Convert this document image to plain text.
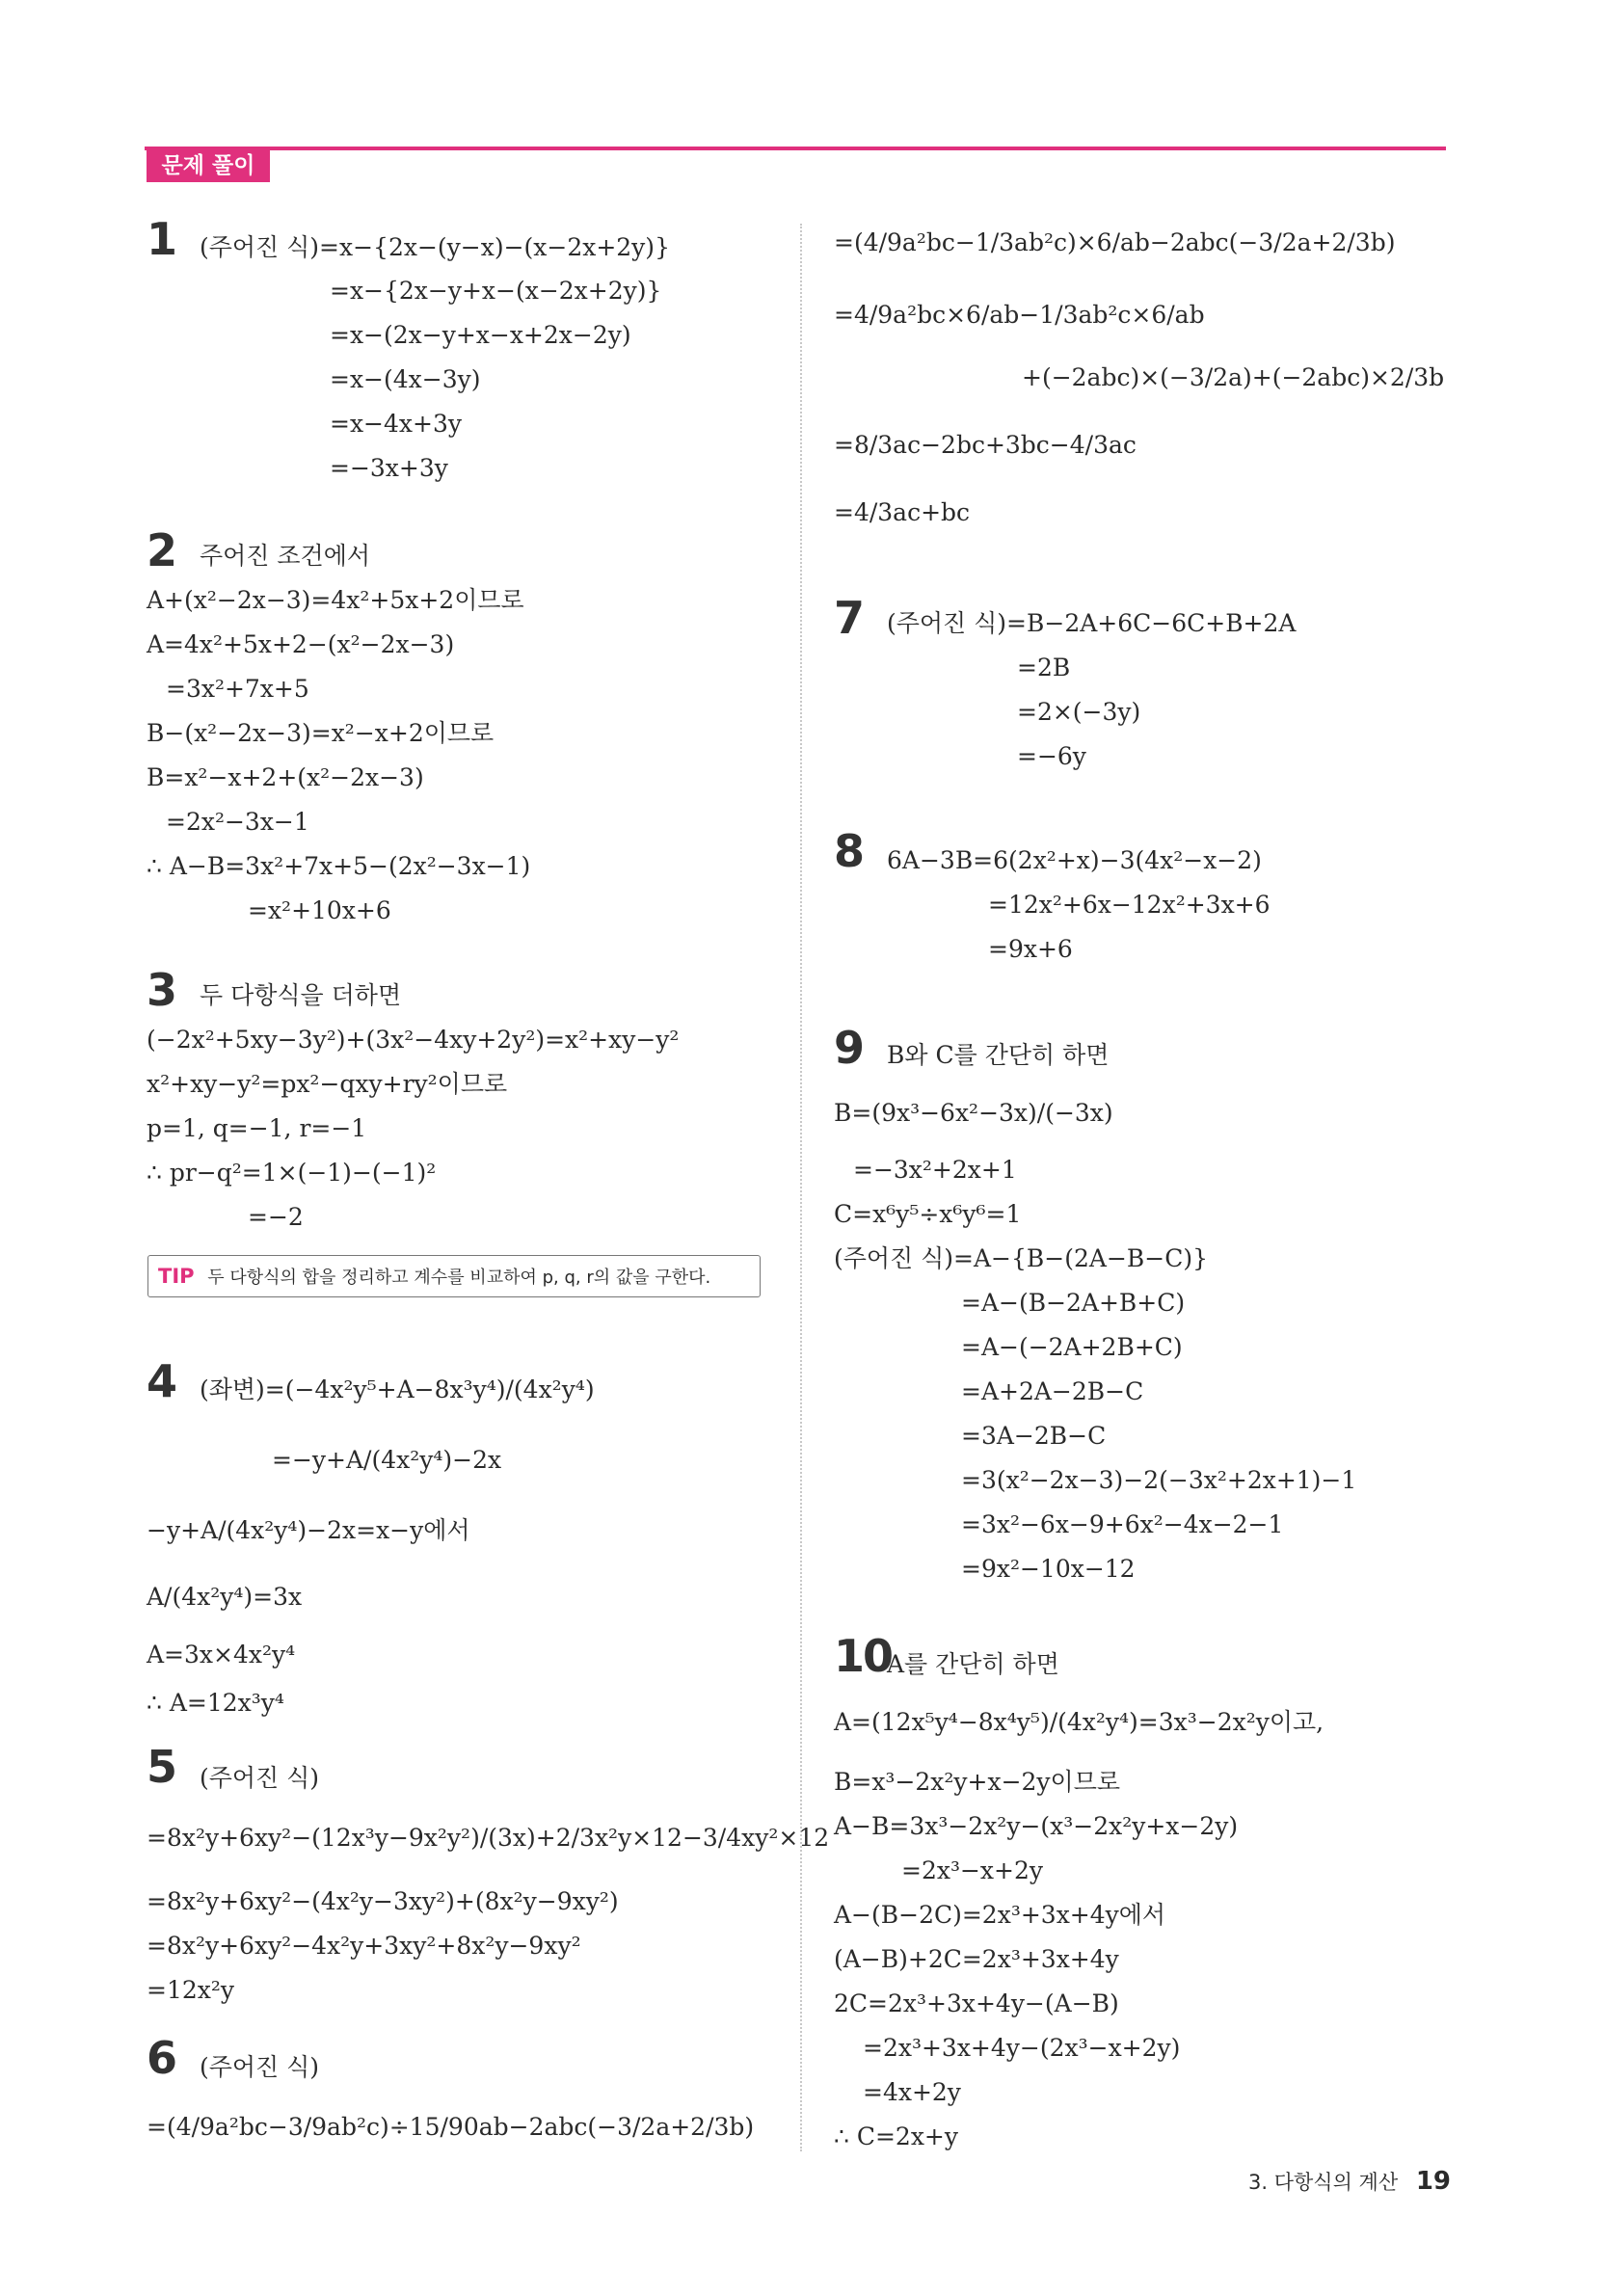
문제 풀이
1
2
3
4
5
6
7
8
9
10
(주어진 식)=x−{2x−(y−x)−(x−2x+2y)}
=x−{2x−y+x−(x−2x+2y)}
=x−(2x−y+x−x+2x−2y)
=x−(4x−3y)
=x−4x+3y
=−3x+3y
주어진 조건에서
A+(x²−2x−3)=4x²+5x+2이므로
A=4x²+5x+2−(x²−2x−3)
=3x²+7x+5
B−(x²−2x−3)=x²−x+2이므로
B=x²−x+2+(x²−2x−3)
=2x²−3x−1
∴ A−B=3x²+7x+5−(2x²−3x−1)
=x²+10x+6
두 다항식을 더하면
(−2x²+5xy−3y²)+(3x²−4xy+2y²)=x²+xy−y²
x²+xy−y²=px²−qxy+ry²이므로
p=1, q=−1, r=−1
∴ pr−q²=1×(−1)−(−1)²
=−2
(좌변)=(−4x²y⁵+A−8x³y⁴)/(4x²y⁴)
=−y+A/(4x²y⁴)−2x
−y+A/(4x²y⁴)−2x=x−y에서
A/(4x²y⁴)=3x
A=3x×4x²y⁴
∴ A=12x³y⁴
(주어진 식)
=8x²y+6xy²−(12x³y−9x²y²)/(3x)+2/3x²y×12−3/4xy²×12
=8x²y+6xy²−(4x²y−3xy²)+(8x²y−9xy²)
=8x²y+6xy²−4x²y+3xy²+8x²y−9xy²
=12x²y
(주어진 식)
=(4/9a²bc−3/9ab²c)÷15/90ab−2abc(−3/2a+2/3b)
=(4/9a²bc−1/3ab²c)×6/ab−2abc(−3/2a+2/3b)
=4/9a²bc×6/ab−1/3ab²c×6/ab
+(−2abc)×(−3/2a)+(−2abc)×2/3b
=8/3ac−2bc+3bc−4/3ac
=4/3ac+bc
(주어진 식)=B−2A+6C−6C+B+2A
=2B
=2×(−3y)
=−6y
6A−3B=6(2x²+x)−3(4x²−x−2)
=12x²+6x−12x²+3x+6
=9x+6
B와 C를 간단히 하면
B=(9x³−6x²−3x)/(−3x)
=−3x²+2x+1
C=x⁶y⁵÷x⁶y⁶=1
(주어진 식)=A−{B−(2A−B−C)}
=A−(B−2A+B+C)
=A−(−2A+2B+C)
=A+2A−2B−C
=3A−2B−C
=3(x²−2x−3)−2(−3x²+2x+1)−1
=3x²−6x−9+6x²−4x−2−1
=9x²−10x−12
A를 간단히 하면
A=(12x⁵y⁴−8x⁴y⁵)/(4x²y⁴)=3x³−2x²y이고,
B=x³−2x²y+x−2y이므로
A−B=3x³−2x²y−(x³−2x²y+x−2y)
=2x³−x+2y
A−(B−2C)=2x³+3x+4y에서
(A−B)+2C=2x³+3x+4y
2C=2x³+3x+4y−(A−B)
=2x³+3x+4y−(2x³−x+2y)
=4x+2y
∴ C=2x+y
TIP 두 다항식의 합을 정리하고 계수를 비교하여 p, q, r의 값을 구한다.
3. 다항식의 계산 19
